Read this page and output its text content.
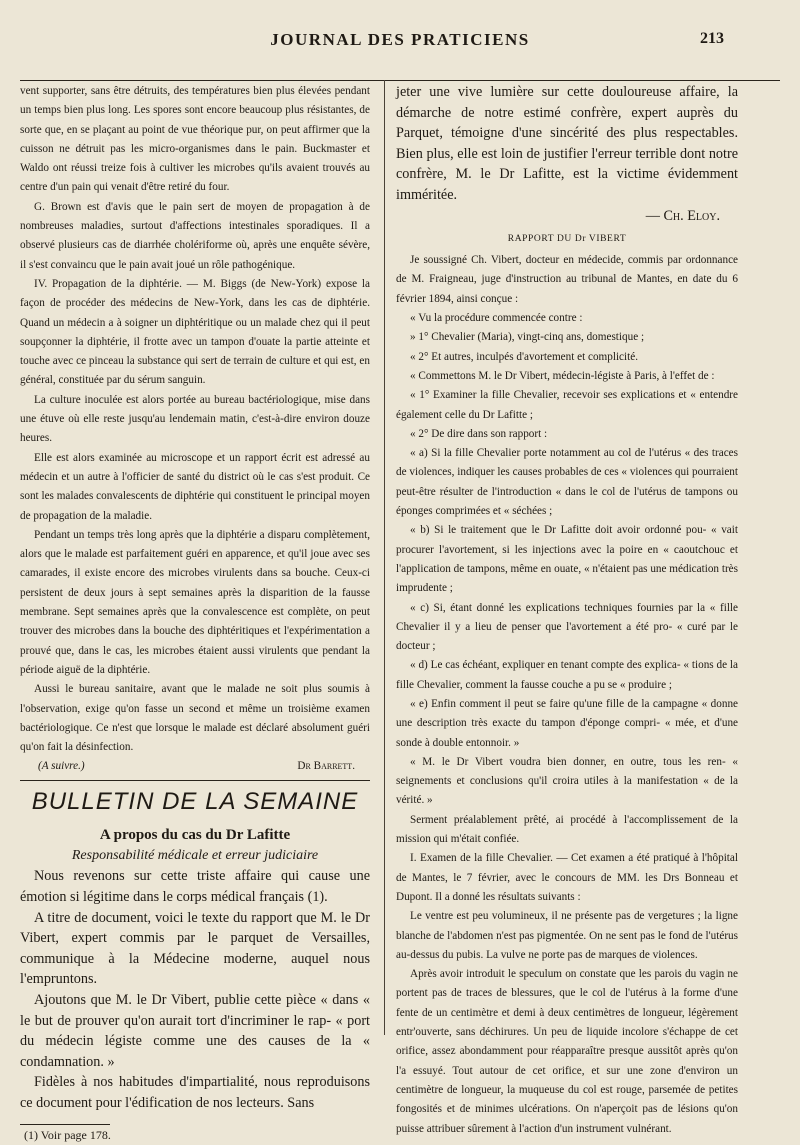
JOURNAL DES PRATICIENS	213

vent supporter, sans être détruits, des températures bien plus élevées pendant un temps bien plus long. Les spores sont encore beaucoup plus résistantes, de sorte que, en se plaçant au point de vue théorique pur, on peut affirmer que la cuisson ne détruit pas les micro-organismes dans le pain. Buckmaster et Waldo ont réussi treize fois à cultiver les microbes qu'ils avaient trouvés au centre d'un pain qui venait d'être retiré du four.

G. Brown est d'avis que le pain sert de moyen de propagation à de nombreuses maladies, surtout d'affections intestinales sporadiques. Il a observé plusieurs cas de diarrhée cholériforme où, après une enquête sévère, il s'est convaincu que le pain avait joué un rôle pathogénique.

IV. Propagation de la diphtérie. — M. Biggs (de New-York) expose la façon de procéder des médecins de New-York, dans les cas de diphtérie. Quand un médecin a à soigner un diphtéritique ou un malade chez qui il peut soupçonner la diphtérie, il frotte avec un tampon d'ouate la partie atteinte et touche avec ce pinceau la substance qui sert de terrain de culture et qui est, en général, constituée par du sérum sanguin.

La culture inoculée est alors portée au bureau bactériologique, mise dans une étuve où elle reste jusqu'au lendemain matin, c'est-à-dire environ douze heures.

Elle est alors examinée au microscope et un rapport écrit est adressé au médecin et un autre à l'officier de santé du district où le cas s'est produit. Ce sont les malades convalescents de diphtérie qui constituent le principal moyen de propagation de la maladie.

Pendant un temps très long après que la diphtérie a disparu complètement, alors que le malade est parfaitement guéri en apparence, et qu'il joue avec ses camarades, il existe encore des microbes virulents dans sa bouche. Ceux-ci persistent de deux jours à sept semaines après la disparition de la fausse membrane. Sept semaines après que la convalescence est complète, on peut trouver des microbes dans la bouche des diphtéritiques et l'expérimentation a prouvé que, dans le cas, les microbes étaient aussi virulents que pendant la période aiguë de la diphtérie.

Aussi le bureau sanitaire, avant que le malade ne soit plus soumis à l'observation, exige qu'on fasse un second et même un troisième examen bactériologique. Ce n'est que lorsque le malade est déclaré absolument guéri qu'on fait la désinfection.

(A suivre.)	Dr Barrett.
BULLETIN DE LA SEMAINE
A propos du cas du Dr Lafitte
Responsabilité médicale et erreur judiciaire

Nous revenons sur cette triste affaire qui cause une émotion si légitime dans le corps médical français (1).

A titre de document, voici le texte du rapport que M. le Dr Vibert, expert commis par le parquet de Versailles, communique à la Médecine moderne, auquel nous l'empruntons.

Ajoutons que M. le Dr Vibert, publie cette pièce « dans « le but de prouver qu'on aurait tort d'incriminer le rap- « port du médecin légiste comme une des causes de la « condamnation. »

Fidèles à nos habitudes d'impartialité, nous reproduisons ce document pour l'édification de nos lecteurs. Sans

(1) Voir page 178.

jeter une vive lumière sur cette douloureuse affaire, la démarche de notre estimé confrère, expert auprès du Parquet, témoigne d'une sincérité des plus respectables. Bien plus, elle est loin de justifier l'erreur terrible dont notre confrère, M. le Dr Lafitte, est la victime évidemment imméritée.

— Ch. Eloy.
RAPPORT DU Dr VIBERT

Je soussigné Ch. Vibert, docteur en médecide, commis par ordonnance de M. Fraigneau, juge d'instruction au tribunal de Mantes, en date du 6 février 1894, ainsi conçue :

« Vu la procédure commencée contre :

» 1° Chevalier (Maria), vingt-cinq ans, domestique ;

« 2° Et autres, inculpés d'avortement et complicité.

« Commettons M. le Dr Vibert, médecin-légiste à Paris, à l'effet de :

« 1° Examiner la fille Chevalier, recevoir ses explications et « entendre également celle du Dr Lafitte ;

« 2° De dire dans son rapport :

« a) Si la fille Chevalier porte notamment au col de l'utérus « des traces de violences, indiquer les causes probables de ces « violences qui pourraient peut-être résulter de l'introduction « dans le col de l'utérus de tampons ou éponges comprimées et « séchées ;

« b) Si le traitement que le Dr Lafitte doit avoir ordonné pou- « vait procurer l'avortement, si les injections avec la poire en « caoutchouc et l'application de tampons, même en ouate, « n'étaient pas une médication très imprudente ;

« c) Si, étant donné les explications techniques fournies par la « fille Chevalier il y a lieu de penser que l'avortement a été pro- « curé par le docteur ;

« d) Le cas échéant, expliquer en tenant compte des explica- « tions de la fille Chevalier, comment la fausse couche a pu se « produire ;

« e) Enfin comment il peut se faire qu'une fille de la campagne « donne une description très exacte du tampon d'éponge compri- « mée, et d'une sonde à double entonnoir. »

« M. le Dr Vibert voudra bien donner, en outre, tous les ren- « seignements et conclusions qu'il croira utiles à la manifestation « de la vérité. »

Serment préalablement prêté, ai procédé à l'accomplissement de la mission qui m'était confiée.

I. Examen de la fille Chevalier. — Cet examen a été pratiqué à l'hôpital de Mantes, le 7 février, avec le concours de MM. les Drs Bonneau et Dupont. Il a donné les résultats suivants :

Le ventre est peu volumineux, il ne présente pas de vergetures ; la ligne blanche de l'abdomen n'est pas pigmentée. On ne sent pas le fond de l'utérus au-dessus du pubis. La vulve ne porte pas de marques de violences.

Après avoir introduit le speculum on constate que les parois du vagin ne portent pas de traces de blessures, que le col de l'utérus à la forme d'une fente de un centimètre et demi à deux centimètres de longueur, légèrement entr'ouverte, sans déchirures. Un peu de liquide incolore s'échappe de cet orifice, assez abondamment pour réapparaître presque aussitôt après qu'on l'a essuyé. Tout autour de cet orifice, et sur une zone d'environ un centimètre de longueur, la muqueuse du col est rouge, parsemée de petites fongosités et de minimes ulcérations. On n'aperçoit pas de lésions qu'on puisse attribuer sûrement à l'action d'un instrument vulnérant.
